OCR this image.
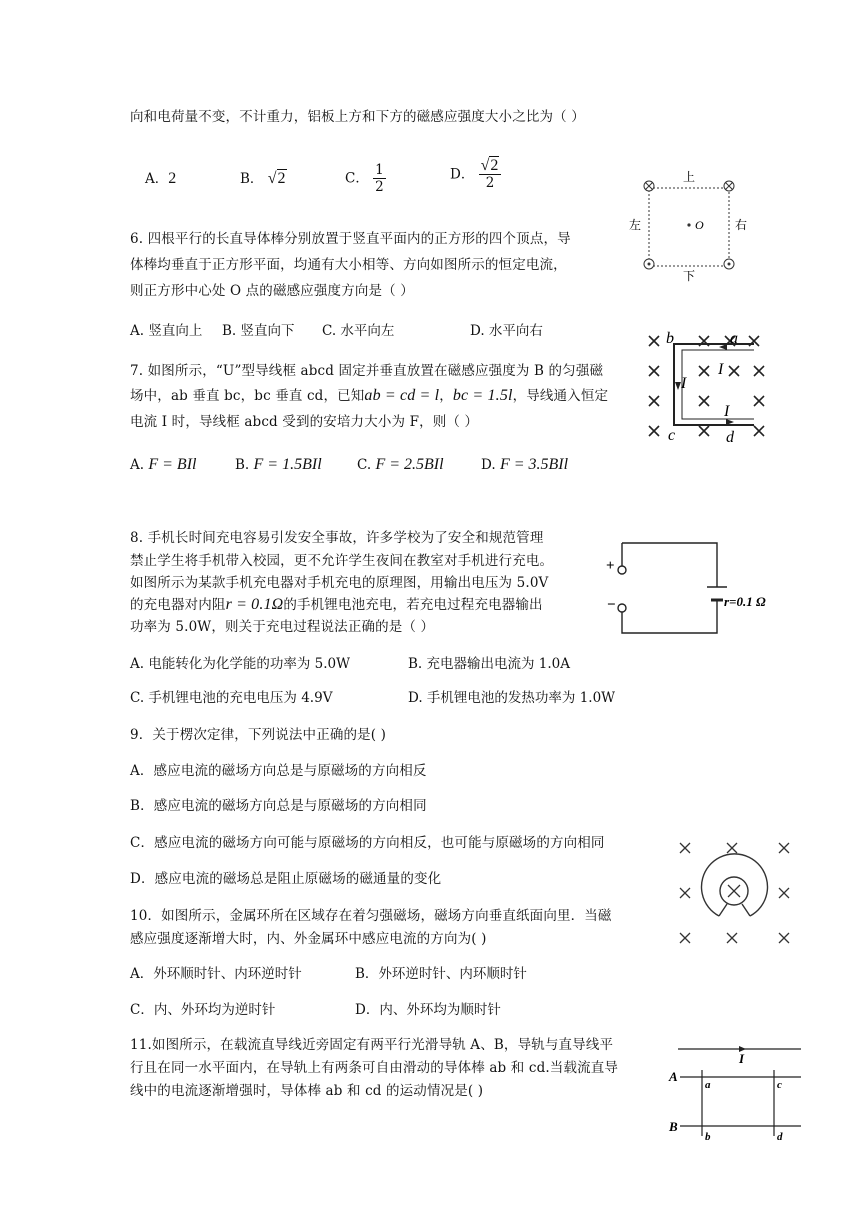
向和电荷量不变，不计重力，铝板上方和下方的磁感应强度大小之比为（ ）
A．2	B． √2	C． $\frac{1}{2}$	D． $\frac{√2}{2}$
O
上
下
左	右
6. 四根平行的长直导体棒分别放置于竖直平面内的正方形的四个顶点，导
体棒均垂直于正方形平面，均通有大小相等、方向如图所示的恒定电流，
则正方形中心处 O 点的磁感应强度方向是（ ）
A. 竖直向上 B. 竖直向下 C. 水平向左	D. 水平向右	a
b
c	d
I
I
I
7. 如图所示，“U”型导线框 abcd 固定并垂直放置在磁感应强度为 B 的匀强磁
场中，ab 垂直 bc，bc 垂直 cd，已知ab = cd = l，bc = 1.5l，导线通入恒定
电流 I 时，导线框 abcd 受到的安培力大小为 F，则（ ）
A. F = BIl	B. F = 1.5BIl	C. F = 2.5BIl	D. F = 3.5BIl
+
−	r=0.1 Ω
8. 手机长时间充电容易引发安全事故，许多学校为了安全和规范管理
禁止学生将手机带入校园，更不允许学生夜间在教室对手机进行充电。
如图所示为某款手机充电器对手机充电的原理图，用输出电压为 5.0V
的充电器对内阻r = 0.1Ω的手机锂电池充电，若充电过程充电器输出
功率为 5.0W，则关于充电过程说法正确的是（ ）
A. 电能转化为化学能的功率为 5.0W	B. 充电器输出电流为 1.0A
C. 手机锂电池的充电电压为 4.9V	D. 手机锂电池的发热功率为 1.0W
9．关于楞次定律，下列说法中正确的是( )
A．感应电流的磁场方向总是与原磁场的方向相反
B．感应电流的磁场方向总是与原磁场的方向相同
C．感应电流的磁场方向可能与原磁场的方向相反，也可能与原磁场的方向相同
D．感应电流的磁场总是阻止原磁场的磁通量的变化
10．如图所示，金属环所在区域存在着匀强磁场，磁场方向垂直纸面向里．当磁
感应强度逐渐增大时，内、外金属环中感应电流的方向为( )
A．外环顺时针、内环逆时针	B．外环逆时针、内环顺时针
C．内、外环均为逆时针	D．内、外环均为顺时针
11.如图所示，在载流直导线近旁固定有两平行光滑导轨 A、B，导轨与直导线平
行且在同一水平面内，在导轨上有两条可自由滑动的导体棒 ab 和 cd.当载流直导
线中的电流逐渐增强时，导体棒 ab 和 cd 的运动情况是( )
I
A
B
a
b
c
d
